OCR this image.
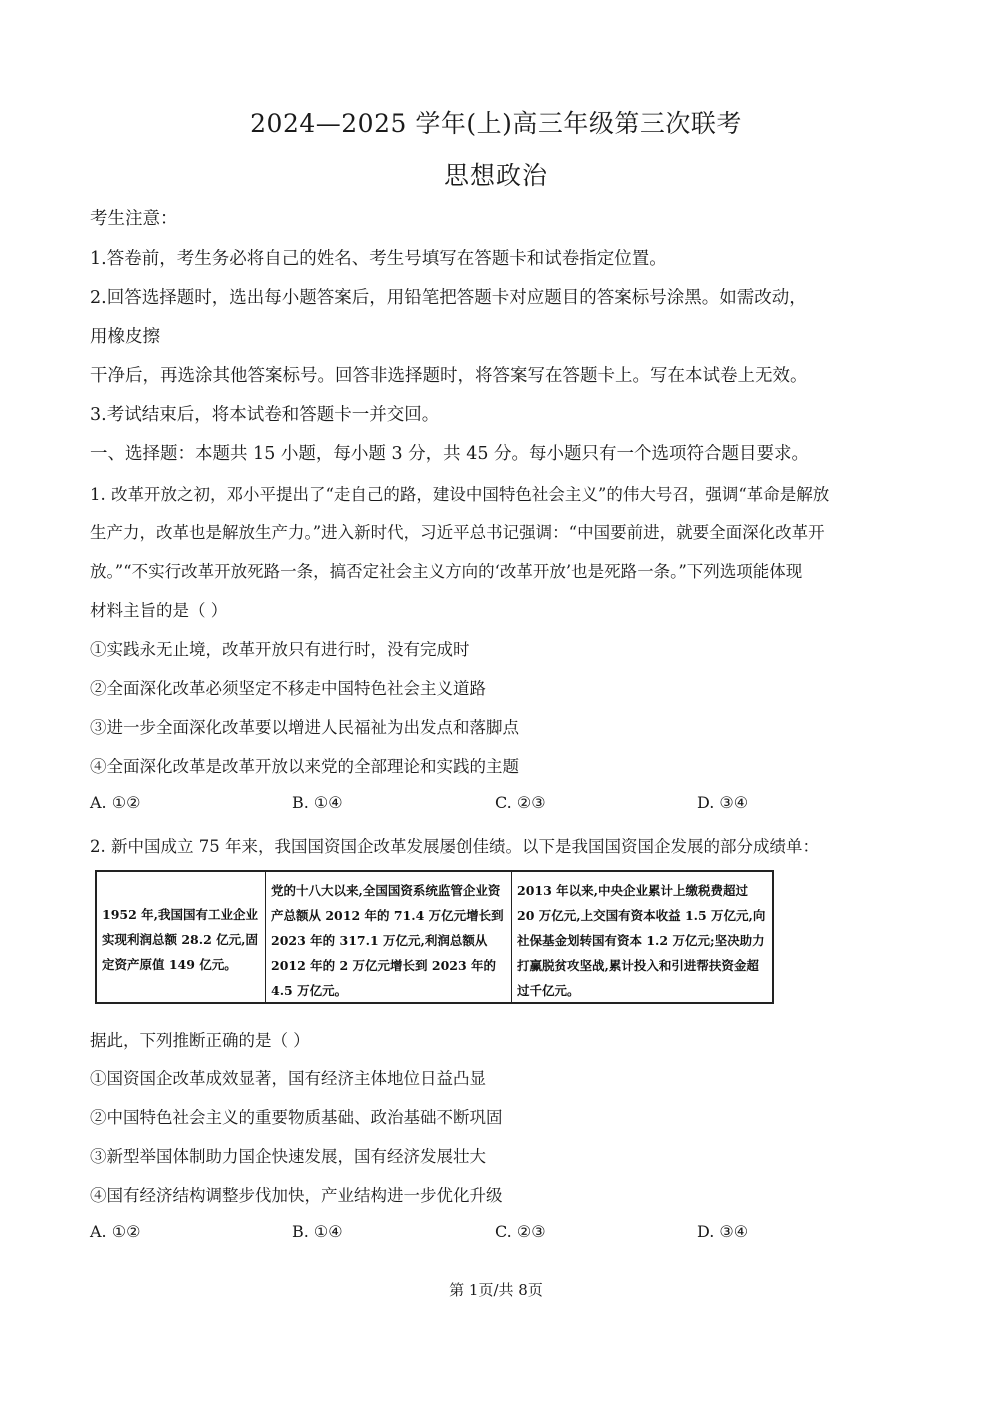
2024—2025 学年(上)高三年级第三次联考
思想政治
考生注意：
1.答卷前，考生务必将自己的姓名、考生号填写在答题卡和试卷指定位置。
2.回答选择题时，选出每小题答案后，用铅笔把答题卡对应题目的答案标号涂黑。如需改动，
用橡皮擦
干净后，再选涂其他答案标号。回答非选择题时，将答案写在答题卡上。写在本试卷上无效。
3.考试结束后，将本试卷和答题卡一并交回。
一、选择题：本题共 15 小题，每小题 3 分，共 45 分。每小题只有一个选项符合题目要求。
1. 改革开放之初，邓小平提出了“走自己的路，建设中国特色社会主义”的伟大号召，强调“革命是解放
生产力，改革也是解放生产力。”进入新时代，习近平总书记强调：“中国要前进，就要全面深化改革开
放。”“不实行改革开放死路一条，搞否定社会主义方向的‘改革开放’也是死路一条。”下列选项能体现
材料主旨的是（ ）
①实践永无止境，改革开放只有进行时，没有完成时
②全面深化改革必须坚定不移走中国特色社会主义道路
③进一步全面深化改革要以增进人民福祉为出发点和落脚点
④全面深化改革是改革开放以来党的全部理论和实践的主题
A. ①②	B. ①④	C. ②③	D. ③④
2. 新中国成立 75 年来，我国国资国企改革发展屡创佳绩。以下是我国国资国企发展的部分成绩单：
1952 年,我国国有工业企业实现利润总额 28.2 亿元,固定资产原值 149 亿元。
党的十八大以来,全国国资系统监管企业资产总额从 2012 年的 71.4 万亿元增长到 2023 年的 317.1 万亿元,利润总额从 2012 年的 2 万亿元增长到 2023 年的 4.5 万亿元。
2013 年以来,中央企业累计上缴税费超过 20 万亿元,上交国有资本收益 1.5 万亿元,向社保基金划转国有资本 1.2 万亿元;坚决助力打赢脱贫攻坚战,累计投入和引进帮扶资金超过千亿元。
据此，下列推断正确的是（ ）
①国资国企改革成效显著，国有经济主体地位日益凸显
②中国特色社会主义的重要物质基础、政治基础不断巩固
③新型举国体制助力国企快速发展，国有经济发展壮大
④国有经济结构调整步伐加快，产业结构进一步优化升级
A. ①②	B. ①④	C. ②③	D. ③④
第 1页/共 8页
